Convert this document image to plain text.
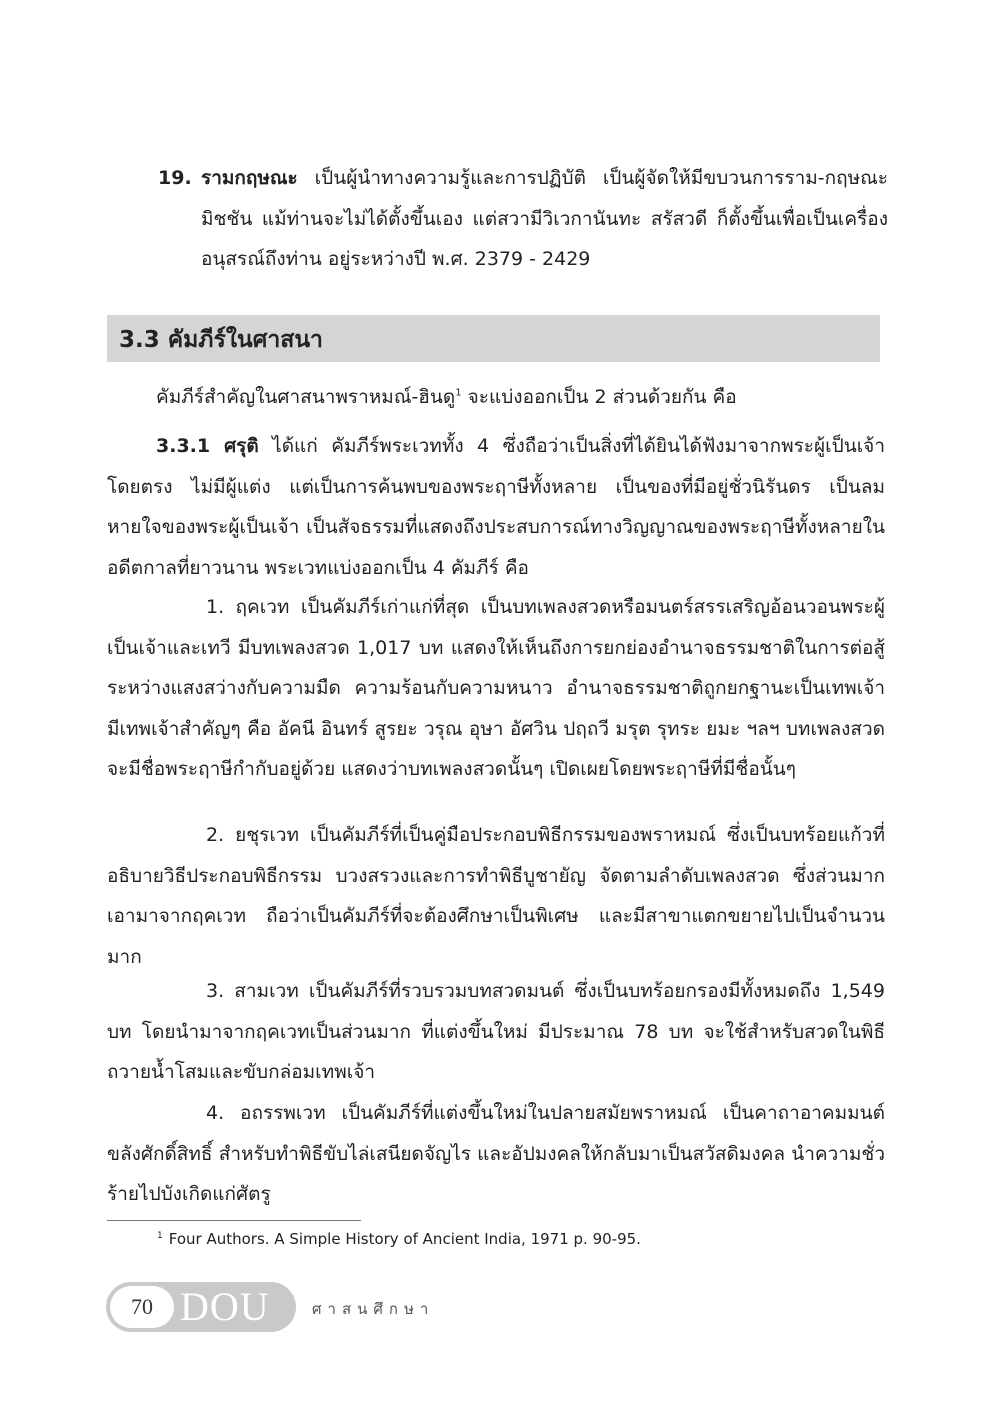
19. รามกฤษณะ เป็นผู้นำทางความรู้และการปฏิบัติ เป็นผู้จัดให้มีขบวนการราม-กฤษณะมิชชัน แม้ท่านจะไม่ได้ตั้งขึ้นเอง แต่สวามีวิเวกานันทะ สรัสวดี ก็ตั้งขึ้นเพื่อเป็นเครื่องอนุสรณ์ถึงท่าน อยู่ระหว่างปี พ.ศ. 2379 - 2429
3.3 คัมภีร์ในศาสนา

คัมภีร์สำคัญในศาสนาพราหมณ์-ฮินดู$^1$ จะแบ่งออกเป็น 2 ส่วนด้วยกัน คือ

3.3.1 ศรุติ ได้แก่ คัมภีร์พระเวททั้ง 4 ซึ่งถือว่าเป็นสิ่งที่ได้ยินได้ฟังมาจากพระผู้เป็นเจ้าโดยตรง ไม่มีผู้แต่ง แต่เป็นการค้นพบของพระฤาษีทั้งหลาย เป็นของที่มีอยู่ชั่วนิรันดร เป็นลมหายใจของพระผู้เป็นเจ้า เป็นสัจธรรมที่แสดงถึงประสบการณ์ทางวิญญาณของพระฤาษีทั้งหลายในอดีตกาลที่ยาวนาน พระเวทแบ่งออกเป็น 4 คัมภีร์ คือ

1. ฤคเวท เป็นคัมภีร์เก่าแก่ที่สุด เป็นบทเพลงสวดหรือมนตร์สรรเสริญอ้อนวอนพระผู้เป็นเจ้าและเทวี มีบทเพลงสวด 1,017 บท แสดงให้เห็นถึงการยกย่องอำนาจธรรมชาติในการต่อสู้ระหว่างแสงสว่างกับความมืด ความร้อนกับความหนาว อำนาจธรรมชาติถูกยกฐานะเป็นเทพเจ้า มีเทพเจ้าสำคัญๆ คือ อัคนี อินทร์ สูรยะ วรุณ อุษา อัศวิน ปฤถวี มรุต รุทระ ยมะ ฯลฯ บทเพลงสวดจะมีชื่อพระฤาษีกำกับอยู่ด้วย แสดงว่าบทเพลงสวดนั้นๆ เปิดเผยโดยพระฤาษีที่มีชื่อนั้นๆ

2. ยชุรเวท เป็นคัมภีร์ที่เป็นคู่มือประกอบพิธีกรรมของพราหมณ์ ซึ่งเป็นบทร้อยแก้วที่อธิบายวิธีประกอบพิธีกรรม บวงสรวงและการทำพิธีบูชายัญ จัดตามลำดับเพลงสวด ซึ่งส่วนมากเอามาจากฤคเวท ถือว่าเป็นคัมภีร์ที่จะต้องศึกษาเป็นพิเศษ และมีสาขาแตกขยายไปเป็นจำนวนมาก

3. สามเวท เป็นคัมภีร์ที่รวบรวมบทสวดมนต์ ซึ่งเป็นบทร้อยกรองมีทั้งหมดถึง 1,549 บท โดยนำมาจากฤคเวทเป็นส่วนมาก ที่แต่งขึ้นใหม่ มีประมาณ 78 บท จะใช้สำหรับสวดในพิธีถวายน้ำโสมและขับกล่อมเทพเจ้า

4. อถรรพเวท เป็นคัมภีร์ที่แต่งขึ้นใหม่ในปลายสมัยพราหมณ์ เป็นคาถาอาคมมนต์ขลังศักดิ์สิทธิ์ สำหรับทำพิธีขับไล่เสนียดจัญไร และอัปมงคลให้กลับมาเป็นสวัสดิมงคล นำความชั่วร้ายไปบังเกิดแก่ศัตรู

$^1$ Four Authors. A Simple History of Ancient India, 1971 p. 90-95.
70 DOU	ศาสนศึกษา
